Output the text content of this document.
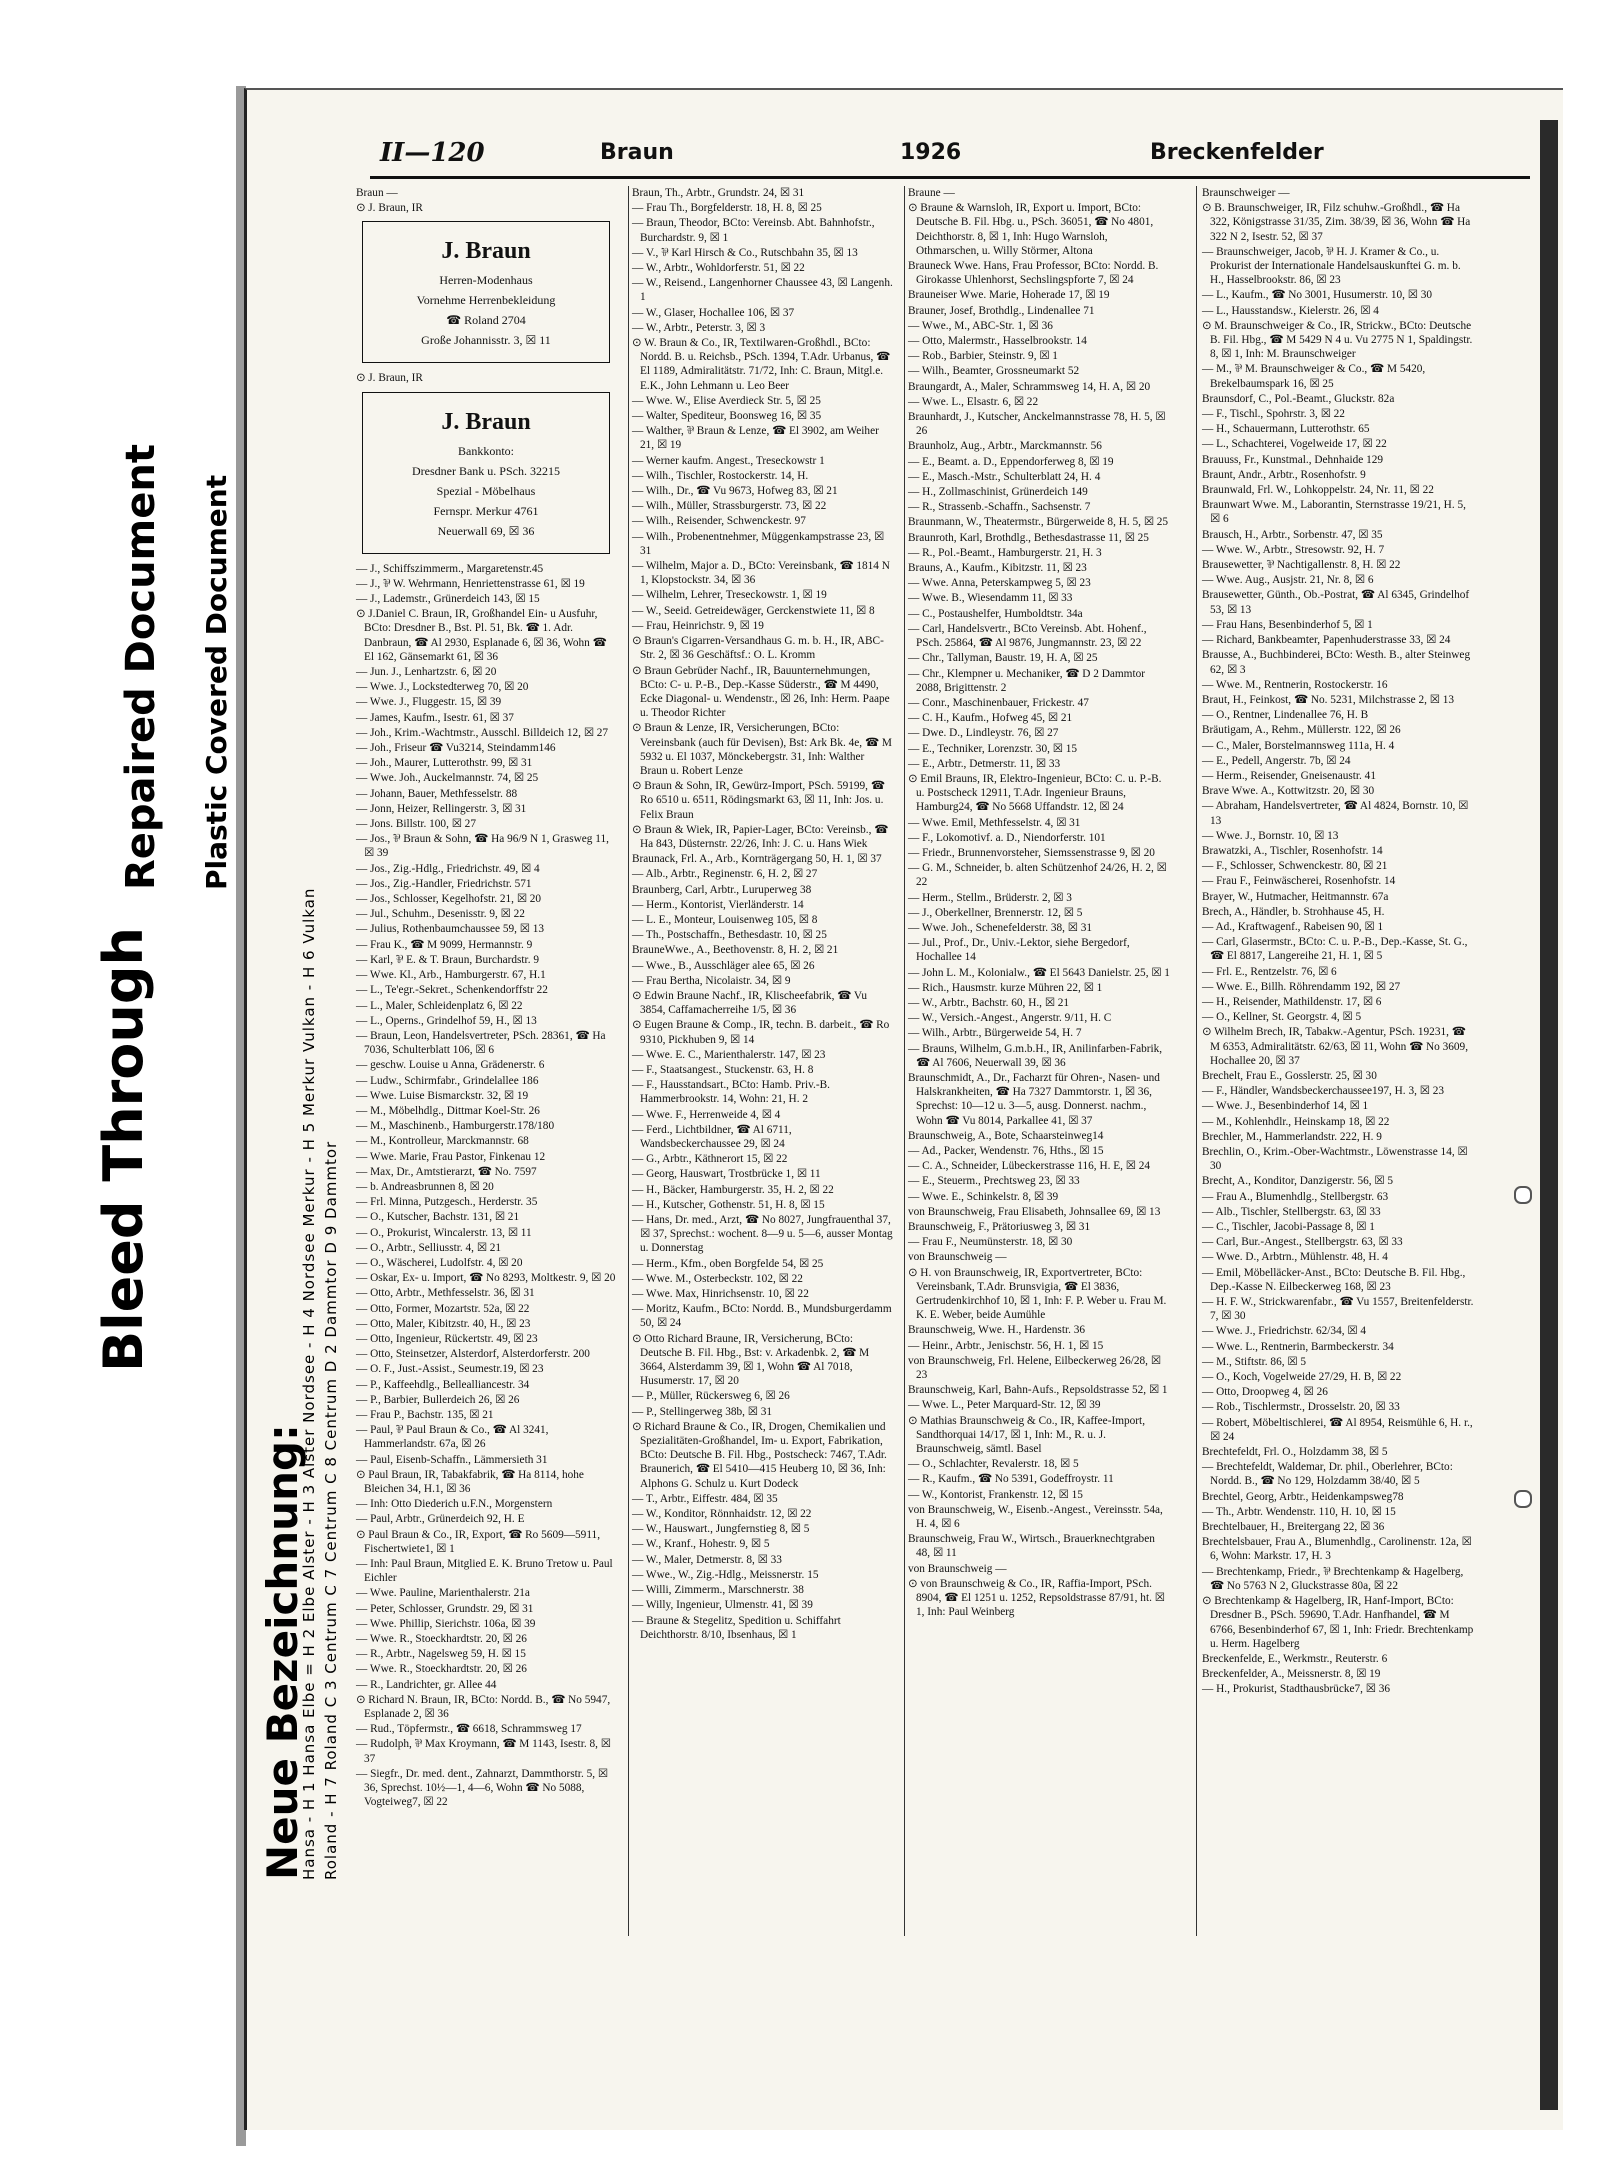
Bleed Through
Repaired Document Plastic Covered Document
Neue Bezeichnung:
Hansa - H 1 Hansa Elbe = H 2 Elbe Alster - H 3 Alster Nordsee - H 4 Nordsee Merkur - H 5 Merkur Vulkan - H 6 Vulkan Roland - H 7 Roland C 3 Centrum C 7 Centrum C 8 Centrum D 2 Dammtor D 9 Dammtor
II—120	Braun	1926	Breckenfelder
Braun —
⊙ J. Braun, IR
J. Braun
Herren-Modenhaus
Vornehme Herrenbekleidung
☎ Roland 2704
Große Johannisstr. 3, ☒ 11
⊙ J. Braun, IR
J. Braun
Bankkonto:
Dresdner Bank u. PSch. 32215
Spezial - Möbelhaus
Fernspr. Merkur 4761
Neuerwall 69, ☒ 36
— J., Schiffszimmerm., Margaretenstr.45
— J., ⅌ W. Wehrmann, Henriettenstrasse 61, ☒ 19
— J., Lademstr., Grünerdeich 143, ☒ 15
⊙ J.Daniel C. Braun, IR, Großhandel Ein- u Ausfuhr, BCto: Dresdner B., Bst. Pl. 51, Bk. ☎ 1. Adr. Danbraun, ☎ Al 2930, Esplanade 6, ☒ 36, Wohn ☎ El 162, Gänsemarkt 61, ☒ 36
— Jun. J., Lenhartzstr. 6, ☒ 20
— Wwe. J., Lockstedterweg 70, ☒ 20
— Wwe. J., Fluggestr. 15, ☒ 39
— James, Kaufm., Isestr. 61, ☒ 37
— Joh., Krim.-Wachtmstr., Ausschl. Billdeich 12, ☒ 27
— Joh., Friseur ☎ Vu3214, Steindamm146
— Joh., Maurer, Lutterothstr. 99, ☒ 31
— Wwe. Joh., Auckelmannstr. 74, ☒ 25
— Johann, Bauer, Methfesselstr. 88
— Jonn, Heizer, Rellingerstr. 3, ☒ 31
— Jons. Billstr. 100, ☒ 27
— Jos., ⅌ Braun & Sohn, ☎ Ha 96/9 N 1, Grasweg 11, ☒ 39
— Jos., Zig.-Hdlg., Friedrichstr. 49, ☒ 4
— Jos., Zig.-Handler, Friedrichstr. 571
— Jos., Schlosser, Kegelhofstr. 21, ☒ 20
— Jul., Schuhm., Desenisstr. 9, ☒ 22
— Julius, Rothenbaumchaussee 59, ☒ 13
— Frau K., ☎ M 9099, Hermannstr. 9
— Karl, ⅌ E. & T. Braun, Burchardstr. 9
— Wwe. Kl., Arb., Hamburgerstr. 67, H.1
— L., Te'egr.-Sekret., Schenkendorffstr 22
— L., Maler, Schleidenplatz 6, ☒ 22
— L., Operns., Grindelhof 59, H., ☒ 13
— Braun, Leon, Handelsvertreter, PSch. 28361, ☎ Ha 7036, Schulterblatt 106, ☒ 6
— geschw. Louise u Anna, Grädenerstr. 6
— Ludw., Schirmfabr., Grindelallee 186
— Wwe. Luise Bismarckstr. 32, ☒ 19
— M., Möbelhdlg., Dittmar Koel-Str. 26
— M., Maschinenb., Hamburgerstr.178/180
— M., Kontrolleur, Marckmannstr. 68
— Wwe. Marie, Frau Pastor, Finkenau 12
— Max, Dr., Amtstierarzt, ☎ No. 7597
— b. Andreasbrunnen 8, ☒ 20
— Frl. Minna, Putzgesch., Herderstr. 35
— O., Kutscher, Bachstr. 131, ☒ 21
— O., Prokurist, Wincalerstr. 13, ☒ 11
— O., Arbtr., Selliusstr. 4, ☒ 21
— O., Wäscherei, Ludolfstr. 4, ☒ 20
— Oskar, Ex- u. Import, ☎ No 8293, Moltkestr. 9, ☒ 20
— Otto, Arbtr., Methfesselstr. 36, ☒ 31
— Otto, Former, Mozartstr. 52a, ☒ 22
— Otto, Maler, Kibitzstr. 40, H., ☒ 23
— Otto, Ingenieur, Rückertstr. 49, ☒ 23
— Otto, Steinsetzer, Alsterdorf, Alsterdorferstr. 200
— O. F., Just.-Assist., Seumestr.19, ☒ 23
— P., Kaffeehdlg., Bellealliancestr. 34
— P., Barbier, Bullerdeich 26, ☒ 26
— Frau P., Bachstr. 135, ☒ 21
— Paul, ⅌ Paul Braun & Co., ☎ Al 3241, Hammerlandstr. 67a, ☒ 26
— Paul, Eisenb-Schaffn., Lämmersieth 31
⊙ Paul Braun, IR, Tabakfabrik, ☎ Ha 8114, hohe Bleichen 34, H.1, ☒ 36
— Inh: Otto Diederich u.F.N., Morgenstern
— Paul, Arbtr., Grünerdeich 92, H. E
⊙ Paul Braun & Co., IR, Export, ☎ Ro 5609—5911, Fischertwiete1, ☒ 1
— Inh: Paul Braun, Mitglied E. K. Bruno Tretow u. Paul Eichler
— Wwe. Pauline, Marienthalerstr. 21a
— Peter, Schlosser, Grundstr. 29, ☒ 31
— Wwe. Phillip, Sierichstr. 106a, ☒ 39
— Wwe. R., Stoeckhardtstr. 20, ☒ 26
— R., Arbtr., Nagelsweg 59, H. ☒ 15
— Wwe. R., Stoeckhardtstr. 20, ☒ 26
— R., Landrichter, gr. Allee 44
⊙ Richard N. Braun, IR, BCto: Nordd. B., ☎ No 5947, Esplanade 2, ☒ 36
— Rud., Töpfermstr., ☎ 6618, Schrammsweg 17
— Rudolph, ⅌ Max Kroymann, ☎ M 1143, Isestr. 8, ☒ 37
— Siegfr., Dr. med. dent., Zahnarzt, Dammthorstr. 5, ☒ 36, Sprechst. 10½—1, 4—6, Wohn ☎ No 5088, Vogteiweg7, ☒ 22
Braun, Th., Arbtr., Grundstr. 24, ☒ 31
— Frau Th., Borgfelderstr. 18, H. 8, ☒ 25
— Braun, Theodor, BCto: Vereinsb. Abt. Bahnhofstr., Burchardstr. 9, ☒ 1
— V., ⅌ Karl Hirsch & Co., Rutschbahn 35, ☒ 13
— W., Arbtr., Wohldorferstr. 51, ☒ 22
— W., Reisend., Langenhorner Chaussee 43, ☒ Langenh. 1
— W., Glaser, Hochallee 106, ☒ 37
— W., Arbtr., Peterstr. 3, ☒ 3
⊙ W. Braun & Co., IR, Textilwaren-Großhdl., BCto: Nordd. B. u. Reichsb., PSch. 1394, T.Adr. Urbanus, ☎ El 1189, Admiralitätstr. 71/72, Inh: C. Braun, Mitgl.e. E.K., John Lehmann u. Leo Beer
— Wwe. W., Elise Averdieck Str. 5, ☒ 25
— Walter, Spediteur, Boonsweg 16, ☒ 35
— Walther, ⅌ Braun & Lenze, ☎ El 3902, am Weiher 21, ☒ 19
— Werner kaufm. Angest., Treseckowstr 1
— Wilh., Tischler, Rostockerstr. 14, H.
— Wilh., Dr., ☎ Vu 9673, Hofweg 83, ☒ 21
— Wilh., Müller, Strassburgerstr. 73, ☒ 22
— Wilh., Reisender, Schwenckestr. 97
— Wilh., Probenentnehmer, Müggenkampstrasse 23, ☒ 31
— Wilhelm, Major a. D., BCto: Vereinsbank, ☎ 1814 N 1, Klopstockstr. 34, ☒ 36
— Wilhelm, Lehrer, Treseckowstr. 1, ☒ 19
— W., Seeid. Getreidewäger, Gerckenstwiete 11, ☒ 8
— Frau, Heinrichstr. 9, ☒ 19
⊙ Braun's Cigarren-Versandhaus G. m. b. H., IR, ABC-Str. 2, ☒ 36 Geschäftsf.: O. L. Kromm
⊙ Braun Gebrüder Nachf., IR, Bauunternehmungen, BCto: C- u. P.-B., Dep.-Kasse Süderstr., ☎ M 4490, Ecke Diagonal- u. Wendenstr., ☒ 26, Inh: Herm. Paape u. Theodor Richter
⊙ Braun & Lenze, IR, Versicherungen, BCto: Vereinsbank (auch für Devisen), Bst: Ark Bk. 4e, ☎ M 5932 u. El 1037, Mönckebergstr. 31, Inh: Walther Braun u. Robert Lenze
⊙ Braun & Sohn, IR, Gewürz-Import, PSch. 59199, ☎ Ro 6510 u. 6511, Rödingsmarkt 63, ☒ 11, Inh: Jos. u. Felix Braun
⊙ Braun & Wiek, IR, Papier-Lager, BCto: Vereinsb., ☎ Ha 843, Düsternstr. 22/26, Inh: J. C. u. Hans Wiek
Braunack, Frl. A., Arb., Kornträgergang 50, H. 1, ☒ 37
— Alb., Arbtr., Reginenstr. 6, H. 2, ☒ 27
Braunberg, Carl, Arbtr., Luruperweg 38
— Herm., Kontorist, Vierländerstr. 14
— L. E., Monteur, Louisenweg 105, ☒ 8
— Th., Postschaffn., Bethesdastr. 10, ☒ 25
BrauneWwe., A., Beethovenstr. 8, H. 2, ☒ 21
— Wwe., B., Ausschläger alee 65, ☒ 26
— Frau Bertha, Nicolaistr. 34, ☒ 9
⊙ Edwin Braune Nachf., IR, Klischeefabrik, ☎ Vu 3854, Caffamacherreihe 1/5, ☒ 36
⊙ Eugen Braune & Comp., IR, techn. B. darbeit., ☎ Ro 9310, Pickhuben 9, ☒ 14
— Wwe. E. C., Marienthalerstr. 147, ☒ 23
— F., Staatsangest., Stuckenstr. 63, H. 8
— F., Hausstandsart., BCto: Hamb. Priv.-B. Hammerbrookstr. 14, Wohn: 21, H. 2
— Wwe. F., Herrenweide 4, ☒ 4
— Ferd., Lichtbildner, ☎ Al 6711, Wandsbeckerchaussee 29, ☒ 24
— G., Arbtr., Käthnerort 15, ☒ 22
— Georg, Hauswart, Trostbrücke 1, ☒ 11
— H., Bäcker, Hamburgerstr. 35, H. 2, ☒ 22
— H., Kutscher, Gothenstr. 51, H. 8, ☒ 15
— Hans, Dr. med., Arzt, ☎ No 8027, Jungfrauenthal 37, ☒ 37, Sprechst.: wochent. 8—9 u. 5—6, ausser Montag u. Donnerstag
— Herm., Kfm., oben Borgfelde 54, ☒ 25
— Wwe. M., Osterbeckstr. 102, ☒ 22
— Wwe. Max, Hinrichsenstr. 10, ☒ 22
— Moritz, Kaufm., BCto: Nordd. B., Mundsburgerdamm 50, ☒ 24
⊙ Otto Richard Braune, IR, Versicherung, BCto: Deutsche B. Fil. Hbg., Bst: v. Arkadenbk. 2, ☎ M 3664, Alsterdamm 39, ☒ 1, Wohn ☎ Al 7018, Husumerstr. 17, ☒ 20
— P., Müller, Rückersweg 6, ☒ 26
— P., Stellingerweg 38b, ☒ 31
⊙ Richard Braune & Co., IR, Drogen, Chemikalien und Spezialitäten-Großhandel, Im- u. Export, Fabrikation, BCto: Deutsche B. Fil. Hbg., Postscheck: 7467, T.Adr. Braunerich, ☎ El 5410—415 Heuberg 10, ☒ 36, Inh: Alphons G. Schulz u. Kurt Dodeck
— T., Arbtr., Eiffestr. 484, ☒ 35
— W., Konditor, Rönnhaidstr. 12, ☒ 22
— W., Hauswart., Jungfernstieg 8, ☒ 5
— W., Kranf., Hohestr. 9, ☒ 5
— W., Maler, Detmerstr. 8, ☒ 33
— Wwe., W., Zig.-Hdlg., Meissnerstr. 15
— Willi, Zimmerm., Marschnerstr. 38
— Willy, Ingenieur, Ulmenstr. 41, ☒ 39
— Braune & Stegelitz, Spedition u. Schiffahrt Deichthorstr. 8/10, Ibsenhaus, ☒ 1
Braune —
⊙ Braune & Warnsloh, IR, Export u. Import, BCto: Deutsche B. Fil. Hbg. u., PSch. 36051, ☎ No 4801, Deichthorstr. 8, ☒ 1, Inh: Hugo Warnsloh, Othmarschen, u. Willy Störmer, Altona
Brauneck Wwe. Hans, Frau Professor, BCto: Nordd. B. Girokasse Uhlenhorst, Sechslingspforte 7, ☒ 24
Brauneiser Wwe. Marie, Hoherade 17, ☒ 19
Brauner, Josef, Brothdlg., Lindenallee 71
— Wwe., M., ABC-Str. 1, ☒ 36
— Otto, Malermstr., Hasselbrookstr. 14
— Rob., Barbier, Steinstr. 9, ☒ 1
— Wilh., Beamter, Grossneumarkt 52
Braungardt, A., Maler, Schrammsweg 14, H. A, ☒ 20
— Wwe. L., Elsastr. 6, ☒ 22
Braunhardt, J., Kutscher, Anckelmannstrasse 78, H. 5, ☒ 26
Braunholz, Aug., Arbtr., Marckmannstr. 56
— E., Beamt. a. D., Eppendorferweg 8, ☒ 19
— E., Masch.-Mstr., Schulterblatt 24, H. 4
— H., Zollmaschinist, Grünerdeich 149
— R., Strassenb.-Schaffn., Sachsenstr. 7
Braunmann, W., Theatermstr., Bürgerweide 8, H. 5, ☒ 25
Braunroth, Karl, Brothdlg., Bethesdastrasse 11, ☒ 25
— R., Pol.-Beamt., Hamburgerstr. 21, H. 3
Brauns, A., Kaufm., Kibitzstr. 11, ☒ 23
— Wwe. Anna, Peterskampweg 5, ☒ 23
— Wwe. B., Wiesendamm 11, ☒ 33
— C., Postaushelfer, Humboldtstr. 34a
— Carl, Handelsvertr., BCto Vereinsb. Abt. Hohenf., PSch. 25864, ☎ Al 9876, Jungmannstr. 23, ☒ 22
— Chr., Tallyman, Baustr. 19, H. A, ☒ 25
— Chr., Klempner u. Mechaniker, ☎ D 2 Dammtor 2088, Brigittenstr. 2
— Conr., Maschinenbauer, Frickestr. 47
— C. H., Kaufm., Hofweg 45, ☒ 21
— Dwe. D., Lindleystr. 76, ☒ 27
— E., Techniker, Lorenzstr. 30, ☒ 15
— E., Arbtr., Detmerstr. 11, ☒ 33
⊙ Emil Brauns, IR, Elektro-Ingenieur, BCto: C. u. P.-B. u. Postscheck 12911, T.Adr. Ingenieur Brauns, Hamburg24, ☎ No 5668 Uffandstr. 12, ☒ 24
— Wwe. Emil, Methfesselstr. 4, ☒ 31
— F., Lokomotivf. a. D., Niendorferstr. 101
— Friedr., Brunnenvorsteher, Siemssenstrasse 9, ☒ 20
— G. M., Schneider, b. alten Schützenhof 24/26, H. 2, ☒ 22
— Herm., Stellm., Brüderstr. 2, ☒ 3
— J., Oberkellner, Brennerstr. 12, ☒ 5
— Wwe. Joh., Schenefelderstr. 38, ☒ 31
— Jul., Prof., Dr., Univ.-Lektor, siehe Bergedorf, Hochallee 14
— John L. M., Kolonialw., ☎ El 5643 Danielstr. 25, ☒ 1
— Rich., Hausmstr. kurze Mühren 22, ☒ 1
— W., Arbtr., Bachstr. 60, H., ☒ 21
— W., Versich.-Angest., Angerstr. 9/11, H. C
— Wilh., Arbtr., Bürgerweide 54, H. 7
— Brauns, Wilhelm, G.m.b.H., IR, Anilinfarben-Fabrik, ☎ Al 7606, Neuerwall 39, ☒ 36
Braunschmidt, A., Dr., Facharzt für Ohren-, Nasen- und Halskrankheiten, ☎ Ha 7327 Dammtorstr. 1, ☒ 36, Sprechst: 10—12 u. 3—5, ausg. Donnerst. nachm., Wohn ☎ Vu 8014, Parkallee 41, ☒ 37
Braunschweig, A., Bote, Schaarsteinweg14
— Ad., Packer, Wendenstr. 76, Hths., ☒ 15
— C. A., Schneider, Lübeckerstrasse 116, H. E, ☒ 24
— E., Steuerm., Prechtsweg 23, ☒ 33
— Wwe. E., Schinkelstr. 8, ☒ 39
von Braunschweig, Frau Elisabeth, Johnsallee 69, ☒ 13
Braunschweig, F., Prätoriusweg 3, ☒ 31
— Frau F., Neumünsterstr. 18, ☒ 30
von Braunschweig —
⊙ H. von Braunschweig, IR, Exportvertreter, BCto: Vereinsbank, T.Adr. Brunsvigia, ☎ El 3836, Gertrudenkirchhof 10, ☒ 1, Inh: F. P. Weber u. Frau M. K. E. Weber, beide Aumühle
Braunschweig, Wwe. H., Hardenstr. 36
— Heinr., Arbtr., Jenischstr. 56, H. 1, ☒ 15
von Braunschweig, Frl. Helene, Eilbeckerweg 26/28, ☒ 23
Braunschweig, Karl, Bahn-Aufs., Repsoldstrasse 52, ☒ 1
— Wwe. L., Peter Marquard-Str. 12, ☒ 39
⊙ Mathias Braunschweig & Co., IR, Kaffee-Import, Sandthorquai 14/17, ☒ 1, Inh: M., R. u. J. Braunschweig, sämtl. Basel
— O., Schlachter, Revalerstr. 18, ☒ 5
— R., Kaufm., ☎ No 5391, Godeffroystr. 11
— W., Kontorist, Frankenstr. 12, ☒ 15
von Braunschweig, W., Eisenb.-Angest., Vereinsstr. 54a, H. 4, ☒ 6
Braunschweig, Frau W., Wirtsch., Brauerknechtgraben 48, ☒ 11
von Braunschweig —
⊙ von Braunschweig & Co., IR, Raffia-Import, PSch. 8904, ☎ El 1251 u. 1252, Repsoldstrasse 87/91, ht. ☒ 1, Inh: Paul Weinberg
Braunschweiger —
⊙ B. Braunschweiger, IR, Filz schuhw.-Großhdl., ☎ Ha 322, Königstrasse 31/35, Zim. 38/39, ☒ 36, Wohn ☎ Ha 322 N 2, Isestr. 52, ☒ 37
— Braunschweiger, Jacob, ⅌ H. J. Kramer & Co., u. Prokurist der Internationale Handelsauskunftei G. m. b. H., Hasselbrookstr. 86, ☒ 23
— L., Kaufm., ☎ No 3001, Husumerstr. 10, ☒ 30
— L., Hausstandsw., Kielerstr. 26, ☒ 4
⊙ M. Braunschweiger & Co., IR, Strickw., BCto: Deutsche B. Fil. Hbg., ☎ M 5429 N 4 u. Vu 2775 N 1, Spaldingstr. 8, ☒ 1, Inh: M. Braunschweiger
— M., ⅌ M. Braunschweiger & Co., ☎ M 5420, Brekelbaumspark 16, ☒ 25
Braunsdorf, C., Pol.-Beamt., Gluckstr. 82a
— F., Tischl., Spohrstr. 3, ☒ 22
— H., Schauermann, Lutterothstr. 65
— L., Schachterei, Vogelweide 17, ☒ 22
Brauuss, Fr., Kunstmal., Dehnhaide 129
Braunt, Andr., Arbtr., Rosenhofstr. 9
Braunwald, Frl. W., Lohkoppelstr. 24, Nr. 11, ☒ 22
Braunwart Wwe. M., Laborantin, Sternstrasse 19/21, H. 5, ☒ 6
Brausch, H., Arbtr., Sorbenstr. 47, ☒ 35
— Wwe. W., Arbtr., Stresowstr. 92, H. 7
Brausewetter, ⅌ Nachtigallenstr. 8, H. ☒ 22
— Wwe. Aug., Ausjstr. 21, Nr. 8, ☒ 6
Brausewetter, Günth., Ob.-Postrat, ☎ Al 6345, Grindelhof 53, ☒ 13
— Frau Hans, Besenbinderhof 5, ☒ 1
— Richard, Bankbeamter, Papenhuderstrasse 33, ☒ 24
Brausse, A., Buchbinderei, BCto: Westh. B., alter Steinweg 62, ☒ 3
— Wwe. M., Rentnerin, Rostockerstr. 16
Braut, H., Feinkost, ☎ No. 5231, Milchstrasse 2, ☒ 13
— O., Rentner, Lindenallee 76, H. B
Bräutigam, A., Rehm., Müllerstr. 122, ☒ 26
— C., Maler, Borstelmannsweg 111a, H. 4
— E., Pedell, Angerstr. 7b, ☒ 24
— Herm., Reisender, Gneisenaustr. 41
Brave Wwe. A., Kottwitzstr. 20, ☒ 30
— Abraham, Handelsvertreter, ☎ Al 4824, Bornstr. 10, ☒ 13
— Wwe. J., Bornstr. 10, ☒ 13
Brawatzki, A., Tischler, Rosenhofstr. 14
— F., Schlosser, Schwenckestr. 80, ☒ 21
— Frau F., Feinwäscherei, Rosenhofstr. 14
Brayer, W., Hutmacher, Heitmannstr. 67a
Brech, A., Händler, b. Strohhause 45, H.
— Ad., Kraftwagenf., Rabeisen 90, ☒ 1
— Carl, Glasermstr., BCto: C. u. P.-B., Dep.-Kasse, St. G., ☎ El 8817, Langereihe 21, H. 1, ☒ 5
— Frl. E., Rentzelstr. 76, ☒ 6
— Wwe. E., Billh. Röhrendamm 192, ☒ 27
— H., Reisender, Mathildenstr. 17, ☒ 6
— O., Kellner, St. Georgstr. 4, ☒ 5
⊙ Wilhelm Brech, IR, Tabakw.-Agentur, PSch. 19231, ☎ M 6353, Admiralitätstr. 62/63, ☒ 11, Wohn ☎ No 3609, Hochallee 20, ☒ 37
Brechelt, Frau E., Gosslerstr. 25, ☒ 30
— F., Händler, Wandsbeckerchaussee197, H. 3, ☒ 23
— Wwe. J., Besenbinderhof 14, ☒ 1
— M., Kohlenhdlr., Heinskamp 18, ☒ 22
Brechler, M., Hammerlandstr. 222, H. 9
Brechlin, O., Krim.-Ober-Wachtmstr., Löwenstrasse 14, ☒ 30
Brecht, A., Konditor, Danzigerstr. 56, ☒ 5
— Frau A., Blumenhdlg., Stellbergstr. 63
— Alb., Tischler, Stellbergstr. 63, ☒ 33
— C., Tischler, Jacobi-Passage 8, ☒ 1
— Carl, Bur.-Angest., Stellbergstr. 63, ☒ 33
— Wwe. D., Arbtrn., Mühlenstr. 48, H. 4
— Emil, Möbelläcker-Anst., BCto: Deutsche B. Fil. Hbg., Dep.-Kasse N. Eilbeckerweg 168, ☒ 23
— H. F. W., Strickwarenfabr., ☎ Vu 1557, Breitenfelderstr. 7, ☒ 30
— Wwe. J., Friedrichstr. 62/34, ☒ 4
— Wwe. L., Rentnerin, Barmbeckerstr. 34
— M., Stiftstr. 86, ☒ 5
— O., Koch, Vogelweide 27/29, H. B, ☒ 22
— Otto, Droopweg 4, ☒ 26
— Rob., Tischlermstr., Drosselstr. 20, ☒ 33
— Robert, Möbeltischlerei, ☎ Al 8954, Reismühle 6, H. r., ☒ 24
Brechtefeldt, Frl. O., Holzdamm 38, ☒ 5
— Brechtefeldt, Waldemar, Dr. phil., Oberlehrer, BCto: Nordd. B., ☎ No 129, Holzdamm 38/40, ☒ 5
Brechtel, Georg, Arbtr., Heidenkampsweg78
— Th., Arbtr. Wendenstr. 110, H. 10, ☒ 15
Brechtelbauer, H., Breitergang 22, ☒ 36
Brechtelsbauer, Frau A., Blumenhdlg., Carolinenstr. 12a, ☒ 6, Wohn: Markstr. 17, H. 3
— Brechtenkamp, Friedr., ⅌ Brechtenkamp & Hagelberg, ☎ No 5763 N 2, Gluckstrasse 80a, ☒ 22
⊙ Brechtenkamp & Hagelberg, IR, Hanf-Import, BCto: Dresdner B., PSch. 59690, T.Adr. Hanfhandel, ☎ M 6766, Besenbinderhof 67, ☒ 1, Inh: Friedr. Brechtenkamp u. Herm. Hagelberg
Breckenfelde, E., Werkmstr., Reuterstr. 6
Breckenfelder, A., Meissnerstr. 8, ☒ 19
— H., Prokurist, Stadthausbrücke7, ☒ 36
